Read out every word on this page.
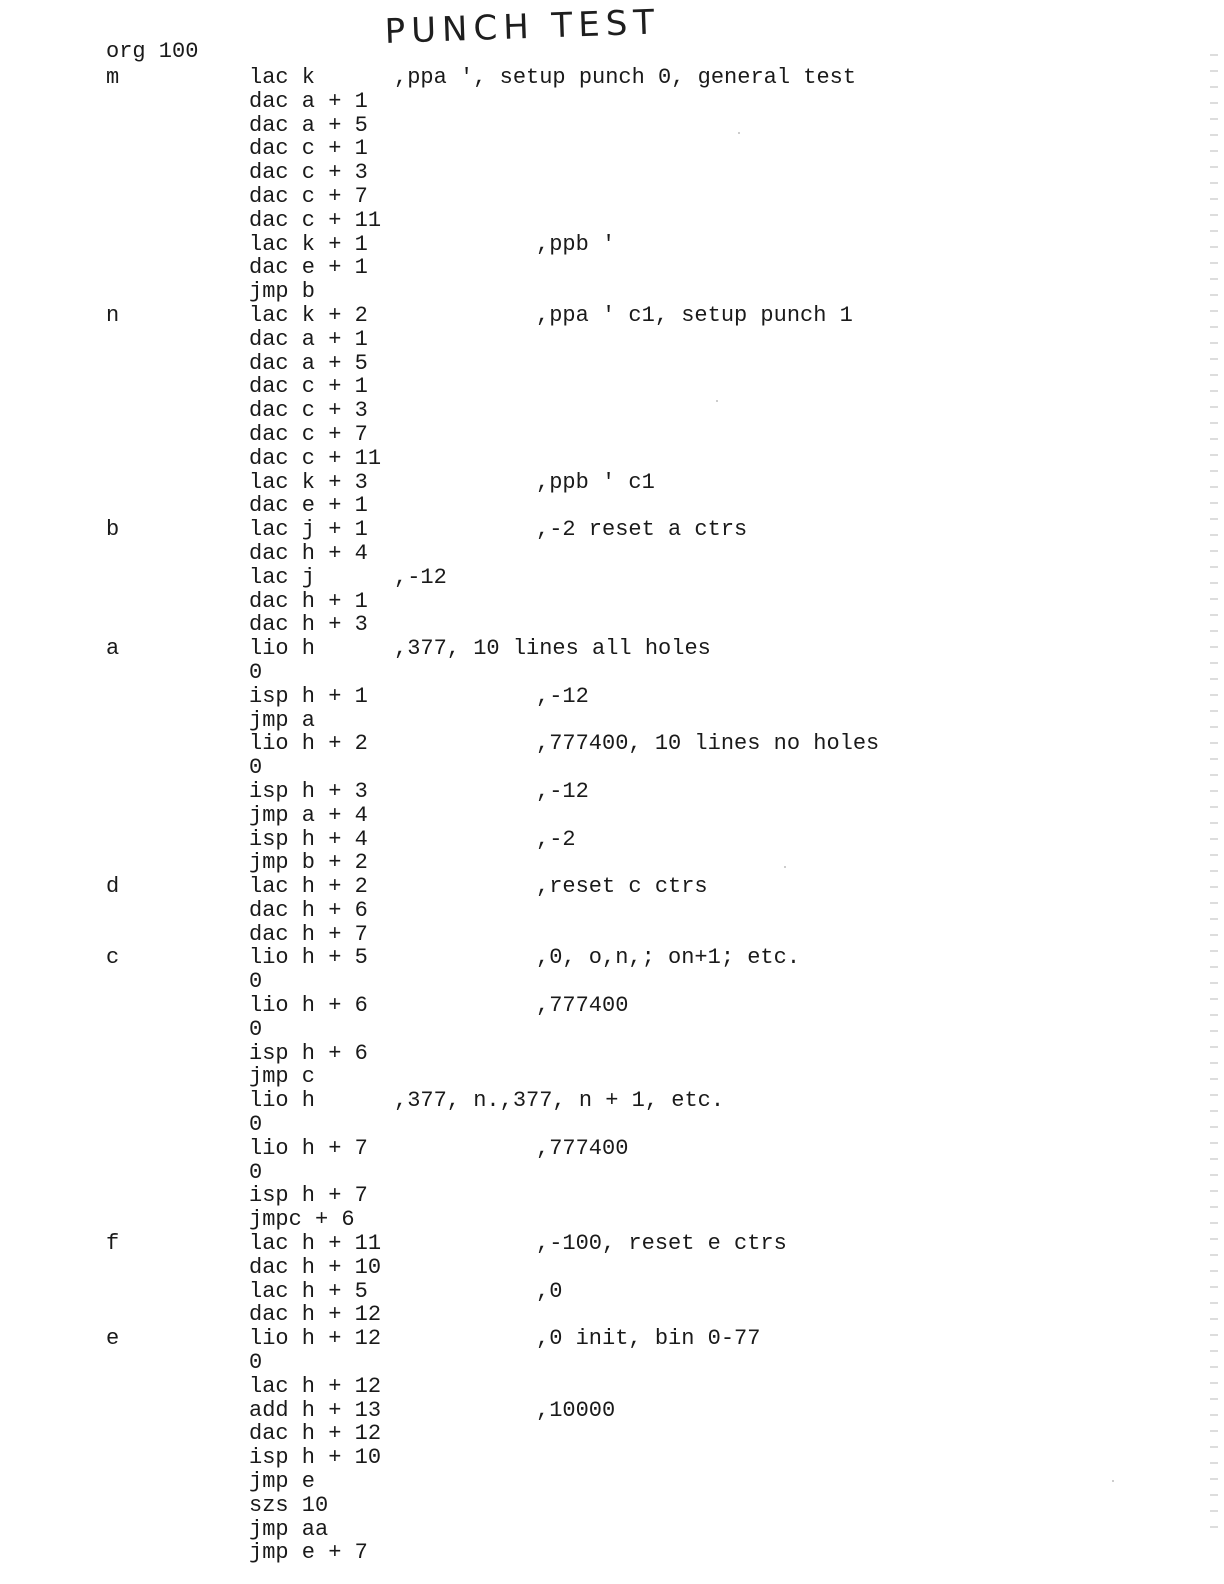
PUNCH TEST
org 100
m	lac k	,ppa ', setup punch 0, general test
dac a + 1
dac a + 5
dac c + 1
dac c + 3
dac c + 7
dac c + 11
lac k + 1	,ppb '
dac e + 1
jmp b
n	lac k + 2	,ppa ' c1, setup punch 1
dac a + 1
dac a + 5
dac c + 1
dac c + 3
dac c + 7
dac c + 11
lac k + 3	,ppb ' c1
dac e + 1
b	lac j + 1	,-2 reset a ctrs
dac h + 4
lac j	,-12
dac h + 1
dac h + 3
a	lio h	,377, 10 lines all holes
0
isp h + 1	,-12
jmp a
lio h + 2	,777400, 10 lines no holes
0
isp h + 3	,-12
jmp a + 4
isp h + 4	,-2
jmp b + 2
d	lac h + 2	,reset c ctrs
dac h + 6
dac h + 7
c	lio h + 5	,0, o,n,; on+1; etc.
0
lio h + 6	,777400
0
isp h + 6
jmp c
lio h	,377, n.,377, n + 1, etc.
0
lio h + 7	,777400
0
isp h + 7
jmpc + 6
f	lac h + 11	,-100, reset e ctrs
dac h + 10
lac h + 5	,0
dac h + 12
e	lio h + 12	,0 init, bin 0-77
0
lac h + 12
add h + 13	,10000
dac h + 12
isp h + 10
jmp e
szs 10
jmp aa
jmp e + 7
